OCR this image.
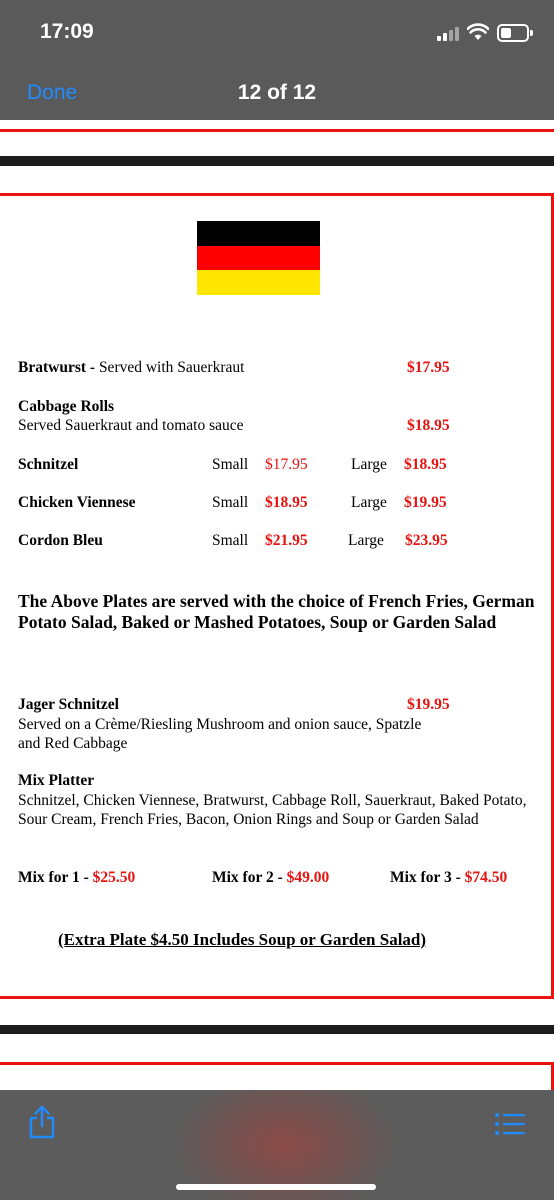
17:09
12 of 12
Done
Bratwurst - Served with Sauerkraut	$17.95
Cabbage Rolls
Served Sauerkraut and tomato sauce	$18.95
Schnitzel	Small $17.95	Large $18.95
Chicken Viennese	Small $18.95	Large $19.95
Cordon Bleu	Small $21.95	Large $23.95
The Above Plates are served with the choice of French Fries, German Potato Salad, Baked or Mashed Potatoes, Soup or Garden Salad
Jager Schnitzel	$19.95
Served on a Crème/Riesling Mushroom and onion sauce, Spatzle and Red Cabbage
Mix Platter
Schnitzel, Chicken Viennese, Bratwurst, Cabbage Roll, Sauerkraut, Baked Potato, Sour Cream, French Fries, Bacon, Onion Rings and Soup or Garden Salad
Mix for 1 - $25.50	Mix for 2 - $49.00	Mix for 3 - $74.50
(Extra Plate $4.50 Includes Soup or Garden Salad)
